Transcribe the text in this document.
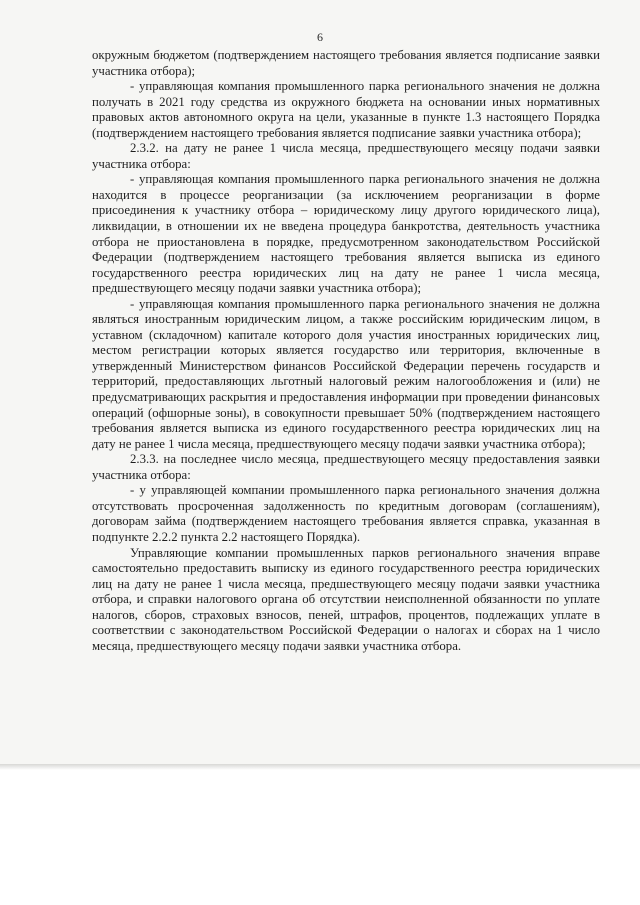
6

окружным бюджетом (подтверждением настоящего требования является подписание заявки участника отбора);

- управляющая компания промышленного парка регионального значения не должна получать в 2021 году средства из окружного бюджета на основании иных нормативных правовых актов автономного округа на цели, указанные в пункте 1.3 настоящего Порядка (подтверждением настоящего требования является подписание заявки участника отбора);

2.3.2. на дату не ранее 1 числа месяца, предшествующего месяцу подачи заявки участника отбора:

- управляющая компания промышленного парка регионального значения не должна находится в процессе реорганизации (за исключением реорганизации в форме присоединения к участнику отбора – юридическому лицу другого юридического лица), ликвидации, в отношении их не введена процедура банкротства, деятельность участника отбора не приостановлена в порядке, предусмотренном законодательством Российской Федерации (подтверждением настоящего требования является выписка из единого государственного реестра юридических лиц на дату не ранее 1 числа месяца, предшествующего месяцу подачи заявки участника отбора);

- управляющая компания промышленного парка регионального значения не должна являться иностранным юридическим лицом, а также российским юридическим лицом, в уставном (складочном) капитале которого доля участия иностранных юридических лиц, местом регистрации которых является государство или территория, включенные в утвержденный Министерством финансов Российской Федерации перечень государств и территорий, предоставляющих льготный налоговый режим налогообложения и (или) не предусматривающих раскрытия и предоставления информации при проведении финансовых операций (офшорные зоны), в совокупности превышает 50% (подтверждением настоящего требования является выписка из единого государственного реестра юридических лиц на дату не ранее 1 числа месяца, предшествующего месяцу подачи заявки участника отбора);

2.3.3. на последнее число месяца, предшествующего месяцу предоставления заявки участника отбора:

- у управляющей компании промышленного парка регионального значения должна отсутствовать просроченная задолженность по кредитным договорам (соглашениям), договорам займа (подтверждением настоящего требования является справка, указанная в подпункте 2.2.2 пункта 2.2 настоящего Порядка).

Управляющие компании промышленных парков регионального значения вправе самостоятельно предоставить выписку из единого государственного реестра юридических лиц на дату не ранее 1 числа месяца, предшествующего месяцу подачи заявки участника отбора, и справки налогового органа об отсутствии неисполненной обязанности по уплате налогов, сборов, страховых взносов, пеней, штрафов, процентов, подлежащих уплате в соответствии с законодательством Российской Федерации о налогах и сборах на 1 число месяца, предшествующего месяцу подачи заявки участника отбора.
